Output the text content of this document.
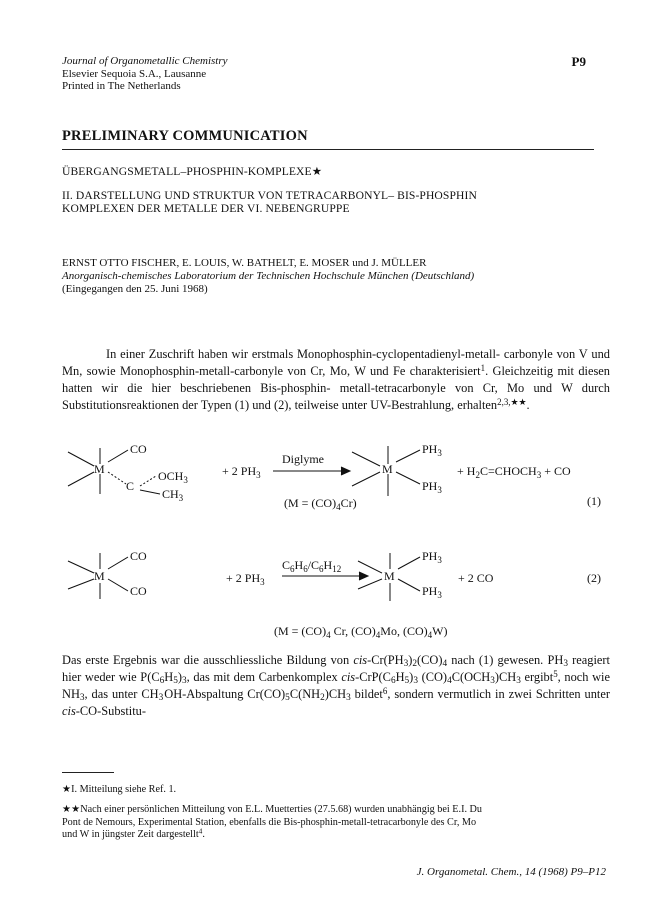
Journal of Organometallic Chemistry
Elsevier Sequoia S.A., Lausanne
Printed in The Netherlands
P9
PRELIMINARY COMMUNICATION
ÜBERGANGSMETALL–PHOSPHIN-KOMPLEXE★
II. DARSTELLUNG UND STRUKTUR VON TETRACARBONYL– BIS-PHOSPHIN
KOMPLEXEN DER METALLE DER VI. NEBENGRUPPE
ERNST OTTO FISCHER, E. LOUIS, W. BATHELT, E. MOSER und J. MÜLLER
Anorganisch-chemisches Laboratorium der Technischen Hochschule München (Deutschland)
(Eingegangen den 25. Juni 1968)
In einer Zuschrift haben wir erstmals Monophosphin-cyclopentadienyl-metall- carbonyle von V und Mn, sowie Monophosphin-metall-carbonyle von Cr, Mo, W und Fe charakterisiert$^1$. Gleichzeitig mit diesen hatten wir die hier beschriebenen Bis-phosphin- metall-tetracarbonyle von Cr, Mo und W durch Substitutionsreaktionen der Typen (1) und (2), teilweise unter UV-Bestrahlung, erhalten$^{2,3,★★}$.
M
CO
C
$OCH_3$
$CH_3$
+ 2 $PH_3$
Diglyme
$(M = (CO)_4Cr)$
M
$PH_3$
$PH_3$
+ $H_2C=CHOCH_3$ + CO
(1)
M
CO
CO
+ 2 $PH_3$
$C_6H_6/C_6H_{12}$	M
$PH_3$
$PH_3$
+ 2 CO	(2)
($M = (CO)_4$ Cr, $(CO)_4Mo$, $(CO)_4W$)
Das erste Ergebnis war die ausschliessliche Bildung von cis-$Cr(PH_3)_2(CO)_4$ nach (1) gewesen. $PH_3$ reagiert hier weder wie $P(C_6H_5)_3$, das mit dem Carbenkomplex cis-$CrP(C_6H_5)_3$ $(CO)_4C(OCH_3)CH_3$ ergibt$^5$, noch wie $NH_3$, das unter $CH_3$ OH-Abspaltung $Cr(CO)_5C(NH_2)CH_3$ bildet$^6$, sondern vermutlich in zwei Schritten unter cis-CO-Substitu-
★I. Mitteilung siehe Ref. 1.
★★Nach einer persönlichen Mitteilung von E.L. Muetterties (27.5.68) wurden unabhängig bei E.I. Du
Pont de Nemours, Experimental Station, ebenfalls die Bis-phosphin-metall-tetracarbonyle des Cr, Mo
und W in jüngster Zeit dargestellt$^4$.
J. Organometal. Chem., 14 (1968) P9–P12
